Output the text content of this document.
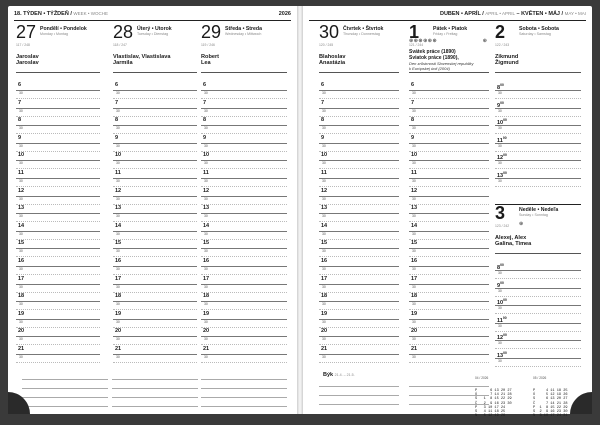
18. TÝDEN • TÝŽDEŇ / WEEK • WOCHE	2026
27 Pondělí • Pondelok
Monday • Montag
117 / 248
Jaroslav
Jaroslav
6
30
7
30
8
30
9
30
10
30
11
30
12
30
13
30
14
30
15
30
16
30
17
30
18
30
19
30
20
30
21
30
28 Úterý • Utorok
Tuesday • Dienstag
118 / 247
Vlastislav, Vlastislava
Jarmila
6
30
7
30
8
30
9
30
10
30
11
30
12
30
13
30
14
30
15
30
16
30
17
30
18
30
19
30
20
30
21
30
29 Středa • Streda
Wednesday • Mittwoch
119 / 246
Robert
Lea
6
30
7
30
8
30
9
30
10
30
11
30
12
30
13
30
14
30
15
30
16
30
17
30
18
30
19
30
20
30
21
30
DUBEN • APRÍL / APRIL • APRIL – KVĚTEN • MÁJ / MAY • MAI
30 Čtvrtek • Štvrtok
Thursday • Donnerstag
120 / 245
Blahoslav
Anastázia
6
30
7
30
8
30
9
30
10
30
11
30
12
30
13
30
14
30
15
30
16
30
17
30
18
30
19
30
20
30
21
30
1	Pátek • Piatok
Friday • Freitag
121 / 244
⊕⊕⊕⊕⊕⊕	⊕
Svátek práce (1890)
Sviatok práce (1890),
Den zrůstrnosti Slovenskej republiky
k Európskej únii (2004)
6
30
7
30
8
30
9
30
10
30
11
30
12
30
13
30
14
30
15
30
16
30
17
30
18
30
19
30
20
30
21
30
2	Sobota • Sobota
Saturday • Samstag
122 / 243
Zikmund
Žigmund
$8^{00}$
30
$9^{00}$
30
$10^{00}$
30
$11^{00}$
30
$12^{00}$
30
$13^{00}$
30
3	Neděle • Nedeľa
Sunday • Sonntag
123 / 242 ⊕
Alexej, Alex
Galina, Timea
$8^{00}$
30
$9^{00}$
30
$10^{00}$
30
$11^{00}$
30
$12^{00}$
30
$13^{00}$
30
Býk 21.4. – 21.5.

04 / 2026

P      6 13 20 27
Ú      7 14 21 28
S   1  8 15 22 29
Č   2  9 16 23 30
P   3 10 17 24
S   4 11 18 25
N   5 12 19 26

05 / 2026

P     4 11 18 25
Ú     5 12 19 26
S     6 13 20 27
Č     7 14 21 28
P  1  8 15 22 29
S  2  9 16 23 30
N  3 10 17 24 31
